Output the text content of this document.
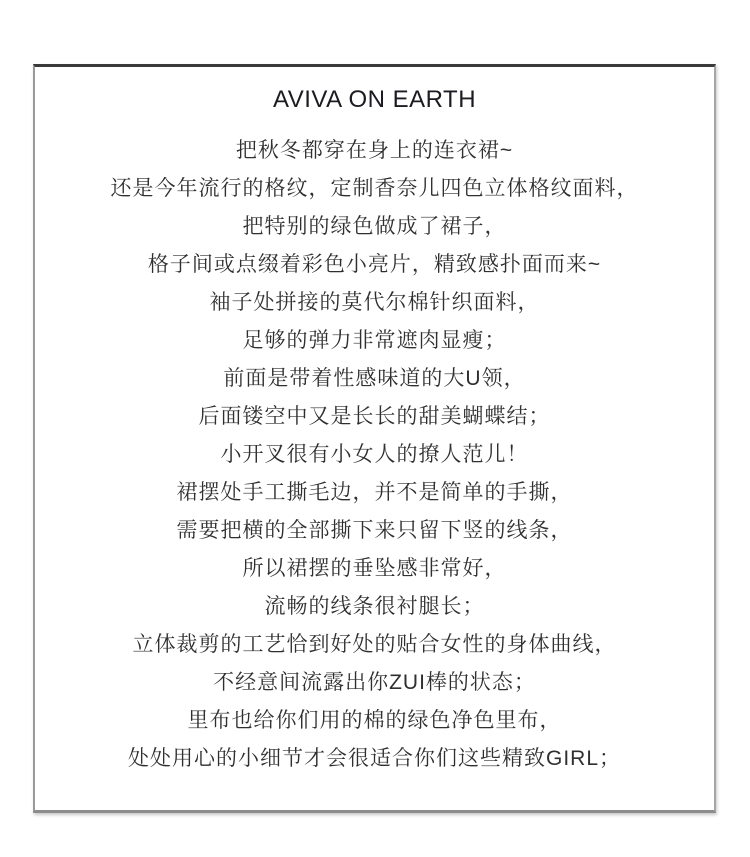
AVIVA ON EARTH

把秋冬都穿在身上的连衣裙~

还是今年流行的格纹，定制香奈儿四色立体格纹面料，

把特别的绿色做成了裙子，

格子间或点缀着彩色小亮片，精致感扑面而来~

袖子处拼接的莫代尔棉针织面料，

足够的弹力非常遮肉显瘦；

前面是带着性感味道的大U领，

后面镂空中又是长长的甜美蝴蝶结；

小开叉很有小女人的撩人范儿！

裙摆处手工撕毛边，并不是简单的手撕，

需要把横的全部撕下来只留下竖的线条，

所以裙摆的垂坠感非常好，

流畅的线条很衬腿长；

立体裁剪的工艺恰到好处的贴合女性的身体曲线，

不经意间流露出你ZUI棒的状态；

里布也给你们用的棉的绿色净色里布，

处处用心的小细节才会很适合你们这些精致GIRL；
